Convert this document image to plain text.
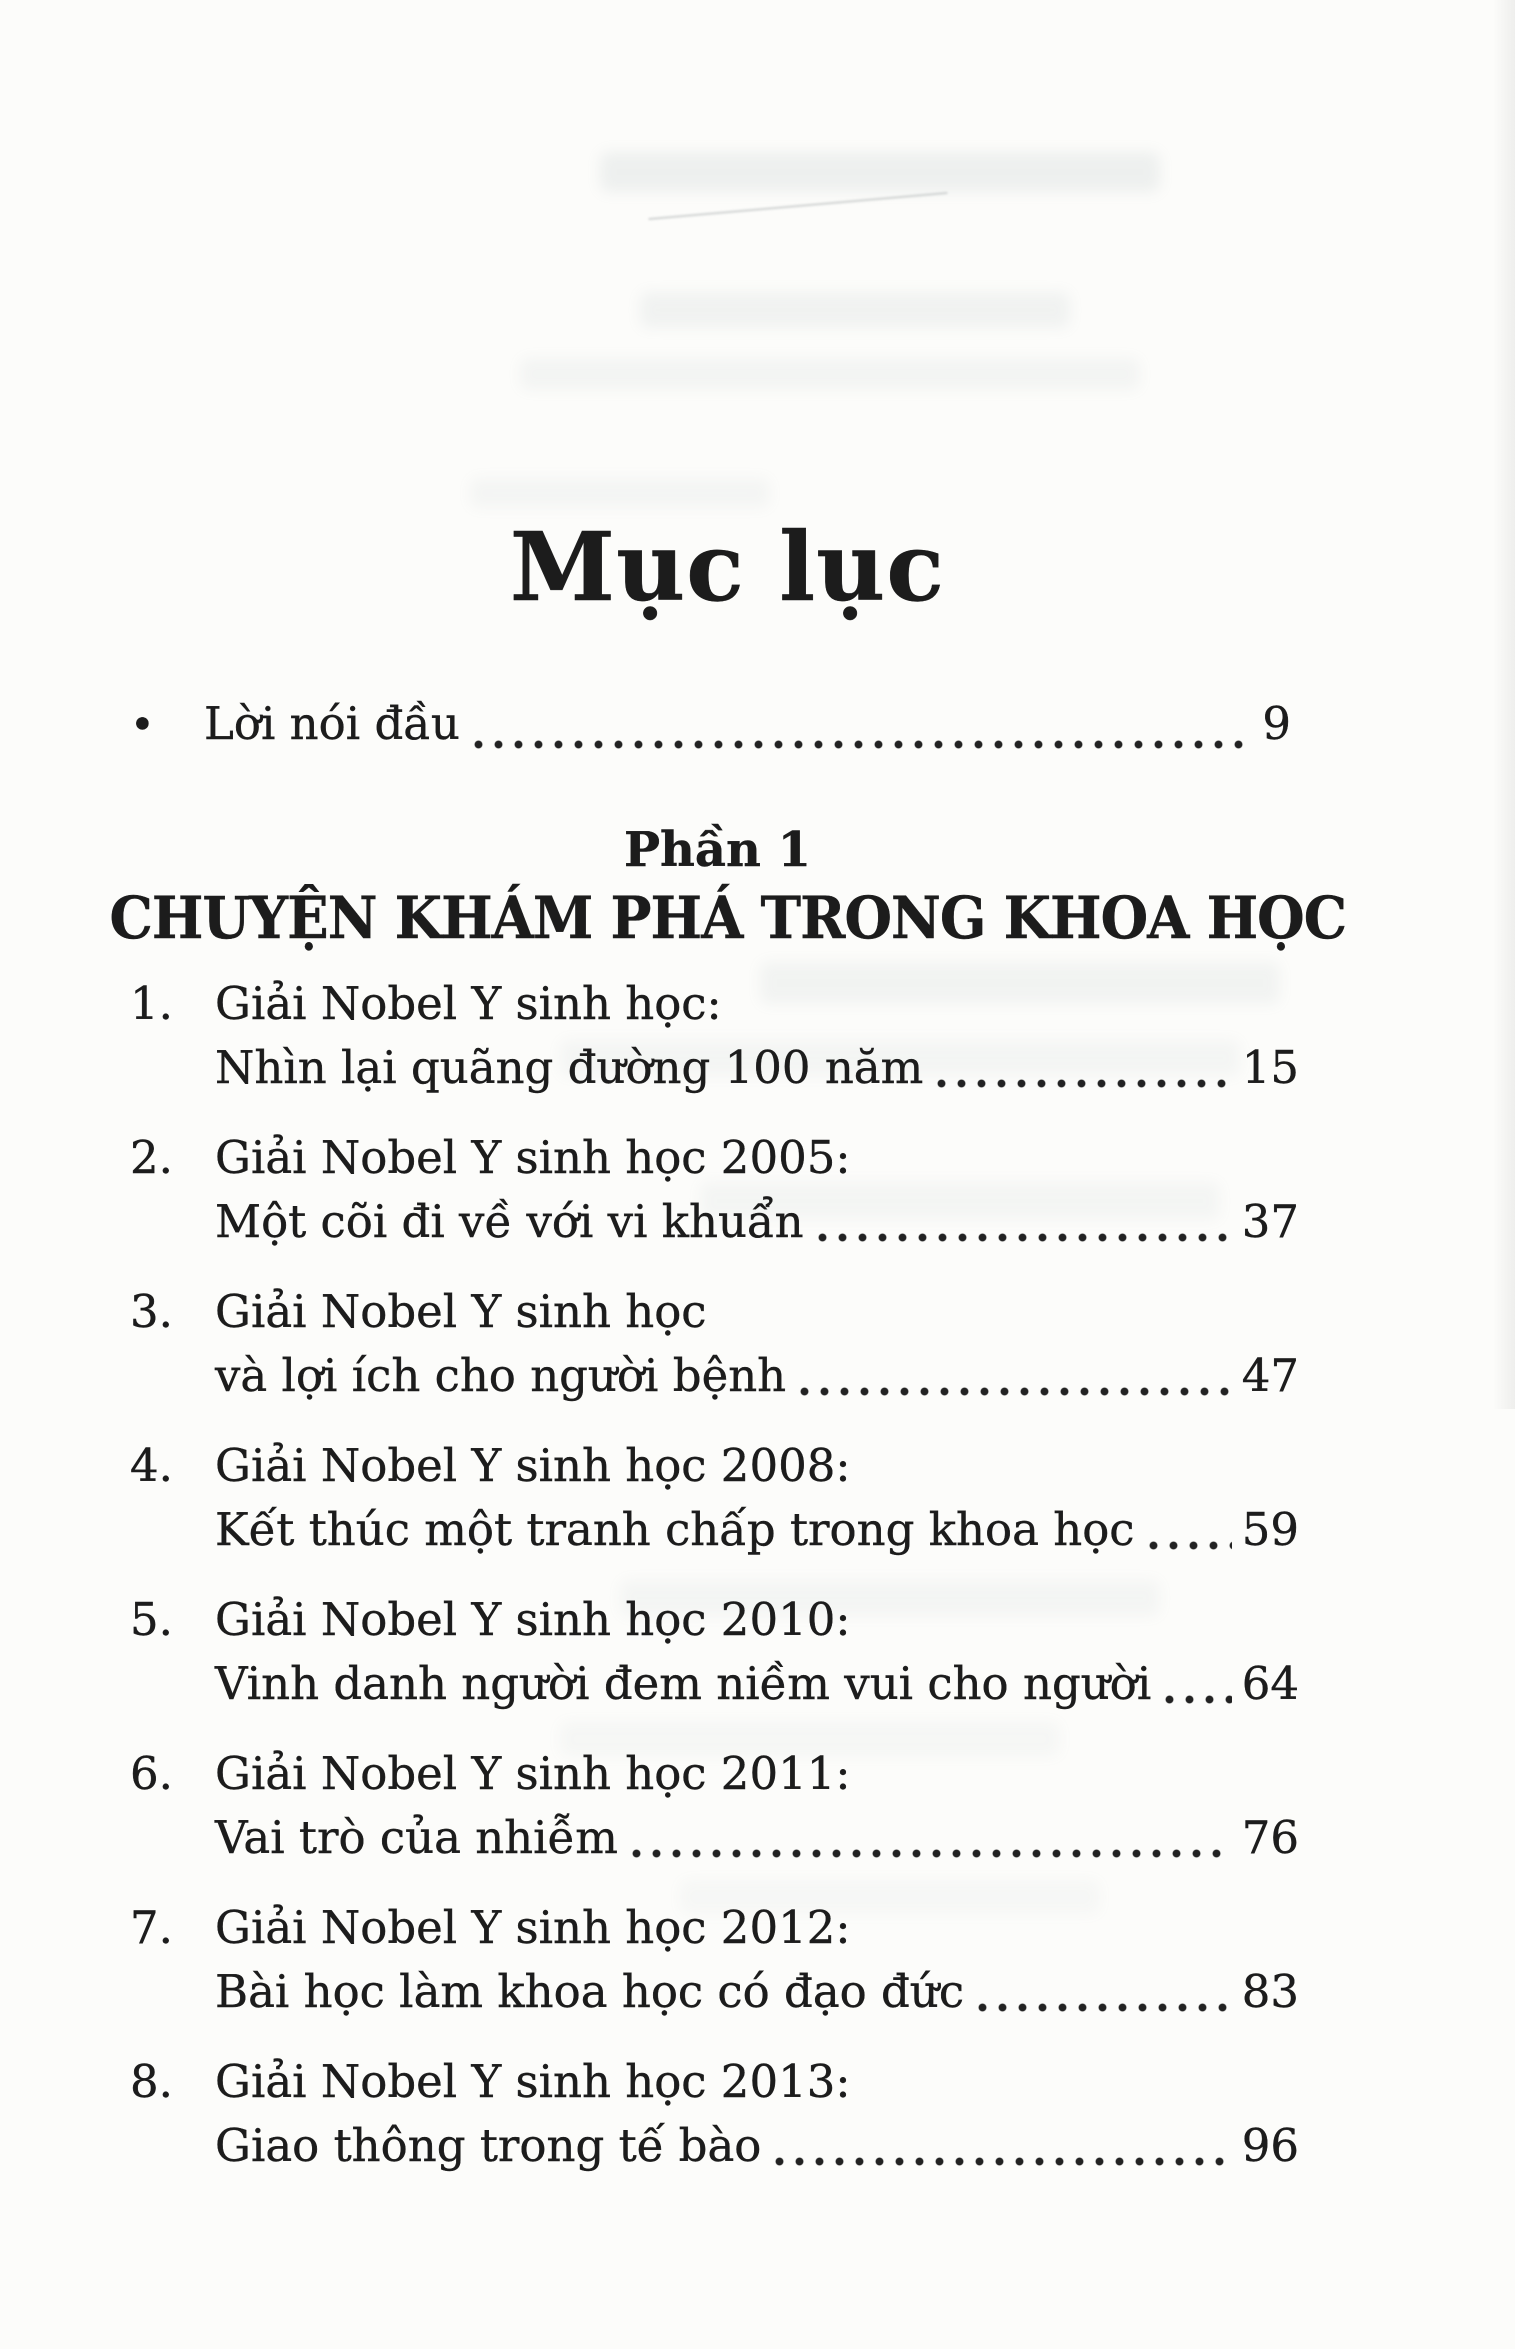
Mục lục
•	Lời nói đầu	9
Phần 1
CHUYỆN KHÁM PHÁ TRONG KHOA HỌC
1. Giải Nobel Y sinh học:
Nhìn lại quãng đường 100 năm	15
2. Giải Nobel Y sinh học 2005:
Một cõi đi về với vi khuẩn	37
3. Giải Nobel Y sinh học
và lợi ích cho người bệnh	47
4. Giải Nobel Y sinh học 2008:
Kết thúc một tranh chấp trong khoa học 59
5. Giải Nobel Y sinh học 2010:
Vinh danh người đem niềm vui cho người 64
6. Giải Nobel Y sinh học 2011:
Vai trò của nhiễm	76
7. Giải Nobel Y sinh học 2012:
Bài học làm khoa học có đạo đức	83
8. Giải Nobel Y sinh học 2013:
Giao thông trong tế bào	96
